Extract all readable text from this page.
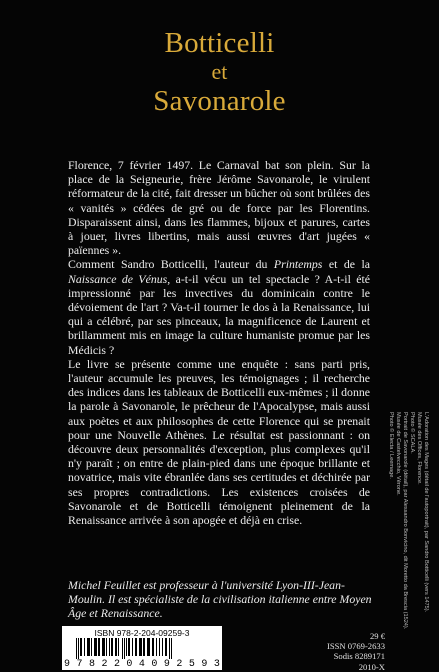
Botticelli
et
Savonarole

Florence, 7 février 1497. Le Carnaval bat son plein. Sur la place de la Seigneurie, frère Jérôme Savonarole, le virulent réformateur de la cité, fait dresser un bûcher où sont brûlées des « vanités » cédées de gré ou de force par les Florentins. Disparaissent ainsi, dans les flammes, bijoux et parures, cartes à jouer, livres libertins, mais aussi œuvres d'art jugées « païennes ».

Comment Sandro Botticelli, l'auteur du Printemps et de la Naissance de Vénus, a-t-il vécu un tel spectacle ? A-t-il été impressionné par les invectives du dominicain contre le dévoiement de l'art ? Va-t-il tourner le dos à la Renaissance, lui qui a célébré, par ses pinceaux, la magnificence de Laurent et brillamment mis en image la culture humaniste promue par les Médicis ?

Le livre se présente comme une enquête : sans parti pris, l'auteur accumule les preuves, les témoignages ; il recherche des indices dans les tableaux de Botticelli eux-mêmes ; il donne la parole à Savonarole, le prêcheur de l'Apocalypse, mais aussi aux poètes et aux philosophes de cette Florence qui se prenait pour une Nouvelle Athènes. Le résultat est passionnant : on découvre deux personnalités d'exception, plus complexes qu'il n'y paraît ; on entre de plain-pied dans une époque brillante et novatrice, mais vite ébranlée dans ses certitudes et déchirée par ses propres contradictions. Les existences croisées de Savonarole et de Botticelli témoignent pleinement de la Renaissance arrivée à son apogée et déjà en crise.

Michel Feuillet est professeur à l'université Lyon-III-Jean-Moulin. Il est spécialiste de la civilisation italienne entre Moyen Âge et Renaissance.
L'Adoration des Mages (détail de l'autoportrait), par Sandro Botticelli (vers 1475).
Musée des Offices, Florence.
Photo © SCALA.
Portrait de Savonarole (détail), par Alessandro Bonvicino, dit Moretto da Brescia (1524).
Musée de Castelvecchio, Vérone.
Photo © Electa / Leemage.
29 €
ISSN 0769-2633
Sodis 8289171
2010-X
ISBN 978-2-204-09259-3
9 7 8 2 2 0 4 0 9 2 5 9 3
